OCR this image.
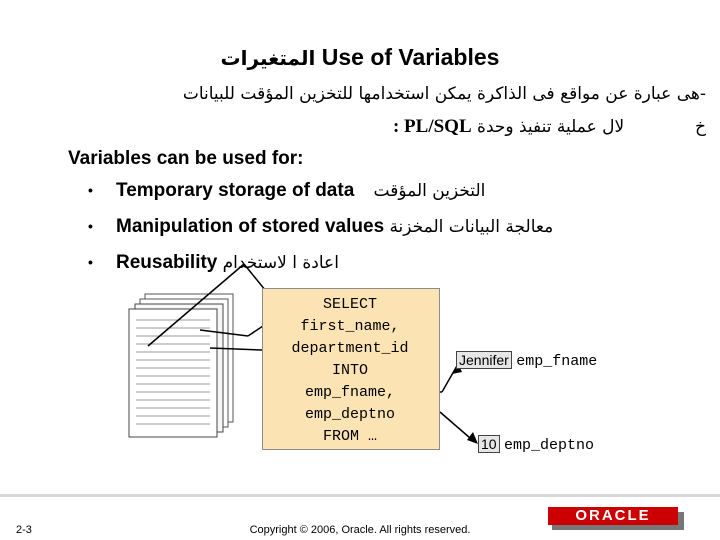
المتغيرات Use of Variables
-هى عبارة عن مواقع فى الذاكرة يمكن استخدامها للتخزين المؤقت للبيانات
خ  لال عملية تنفيذ وحدة PL/SQL :
Variables can be used for:
• Temporary storage of data التخزين المؤقت
• Manipulation of stored values معالجة البيانات المخزنة
• Reusability اعادة ا لاستخدام
SELECT
first_name,
department_id
INTO
emp_fname,
emp_deptno
FROM …
Jennifer emp_fname
10 emp_deptno
2-3	Copyright © 2006, Oracle. All rights reserved.
ORACLE
